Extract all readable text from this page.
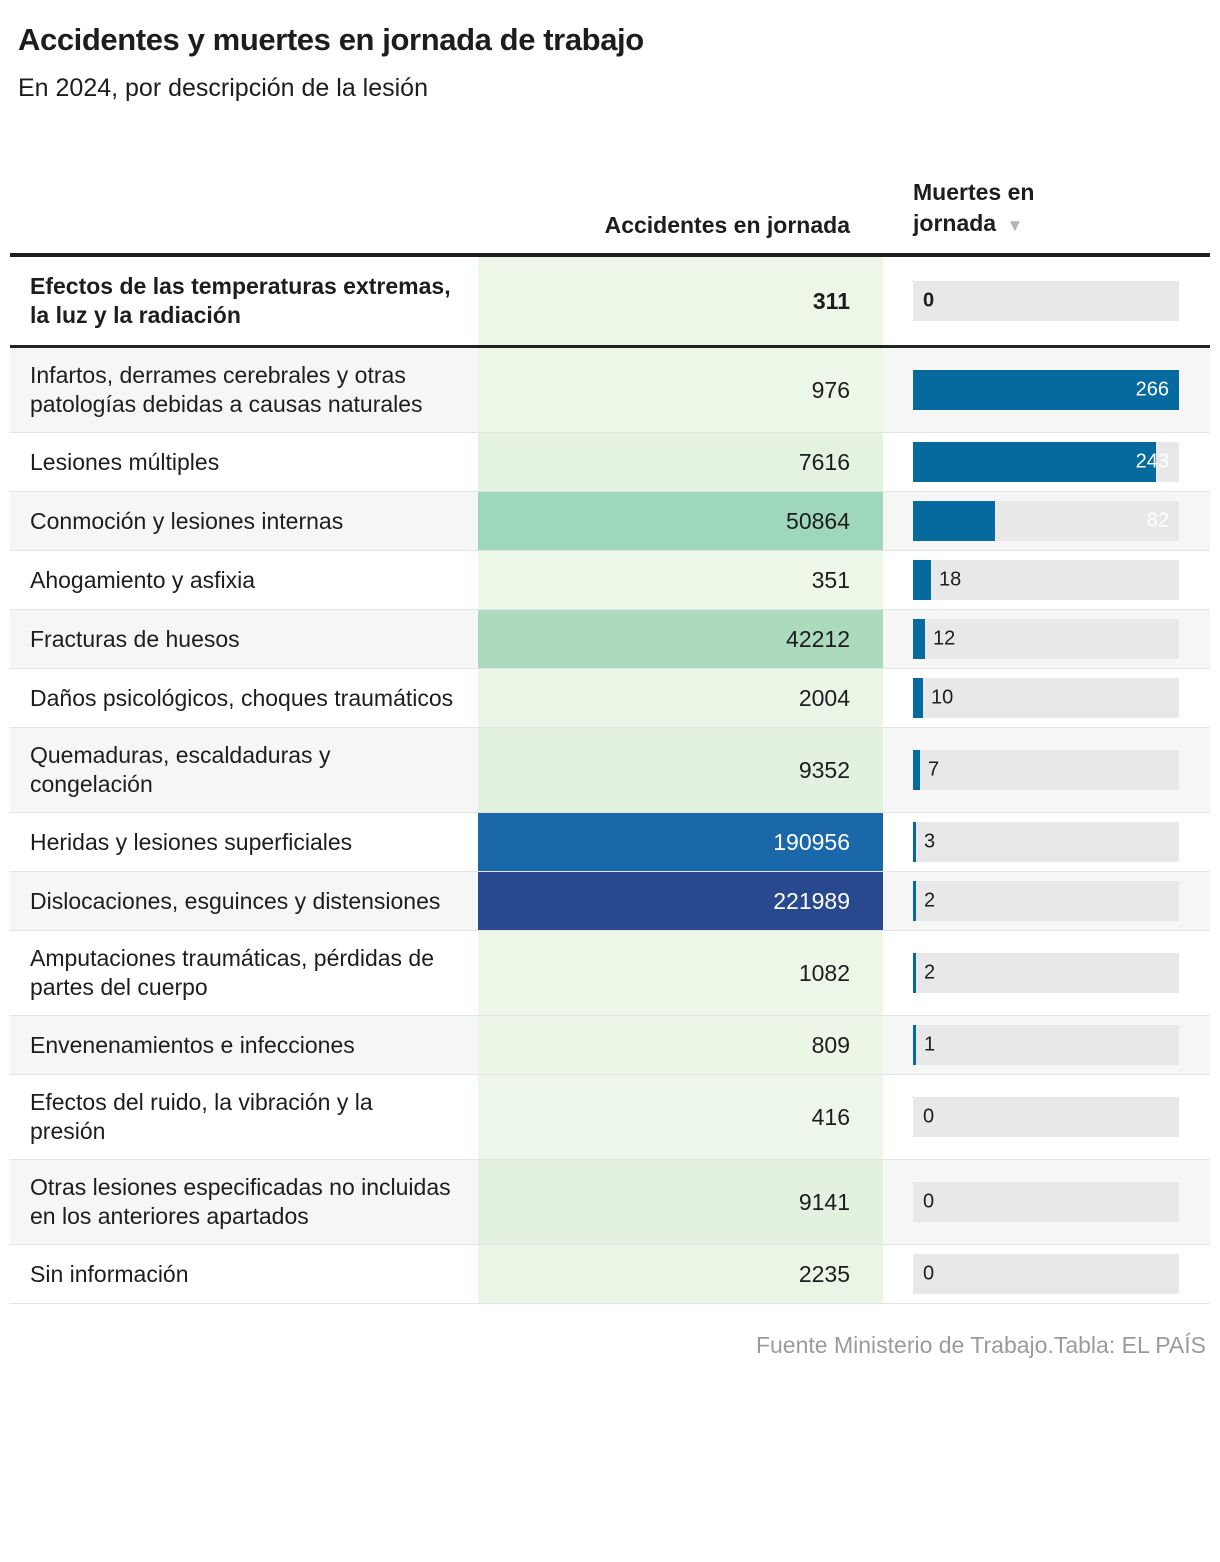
Accidentes y muertes en jornada de trabajo
En 2024, por descripción de la lesión
Accidentes en jornada
Muertes en jornada ▼
Efectos de las temperaturas extremas, la luz y la radiación
311	0
Infartos, derrames cerebrales y otras patologías debidas a causas naturales
976	266
Lesiones múltiples	7616	243
Conmoción y lesiones internas	50864	82
Ahogamiento y asfixia	351	18
Fracturas de huesos	42212	12
Daños psicológicos, choques traumáticos	2004	10
Quemaduras, escaldaduras y congelación
9352	7
Heridas y lesiones superficiales	190956	3
Dislocaciones, esguinces y distensiones	221989	2
Amputaciones traumáticas, pérdidas de partes del cuerpo
1082	2
Envenenamientos e infecciones	809	1
Efectos del ruido, la vibración y la presión
416	0
Otras lesiones especificadas no incluidas en los anteriores apartados
9141	0
Sin información	2235	0
Fuente Ministerio de Trabajo.Tabla: EL PAÍS
